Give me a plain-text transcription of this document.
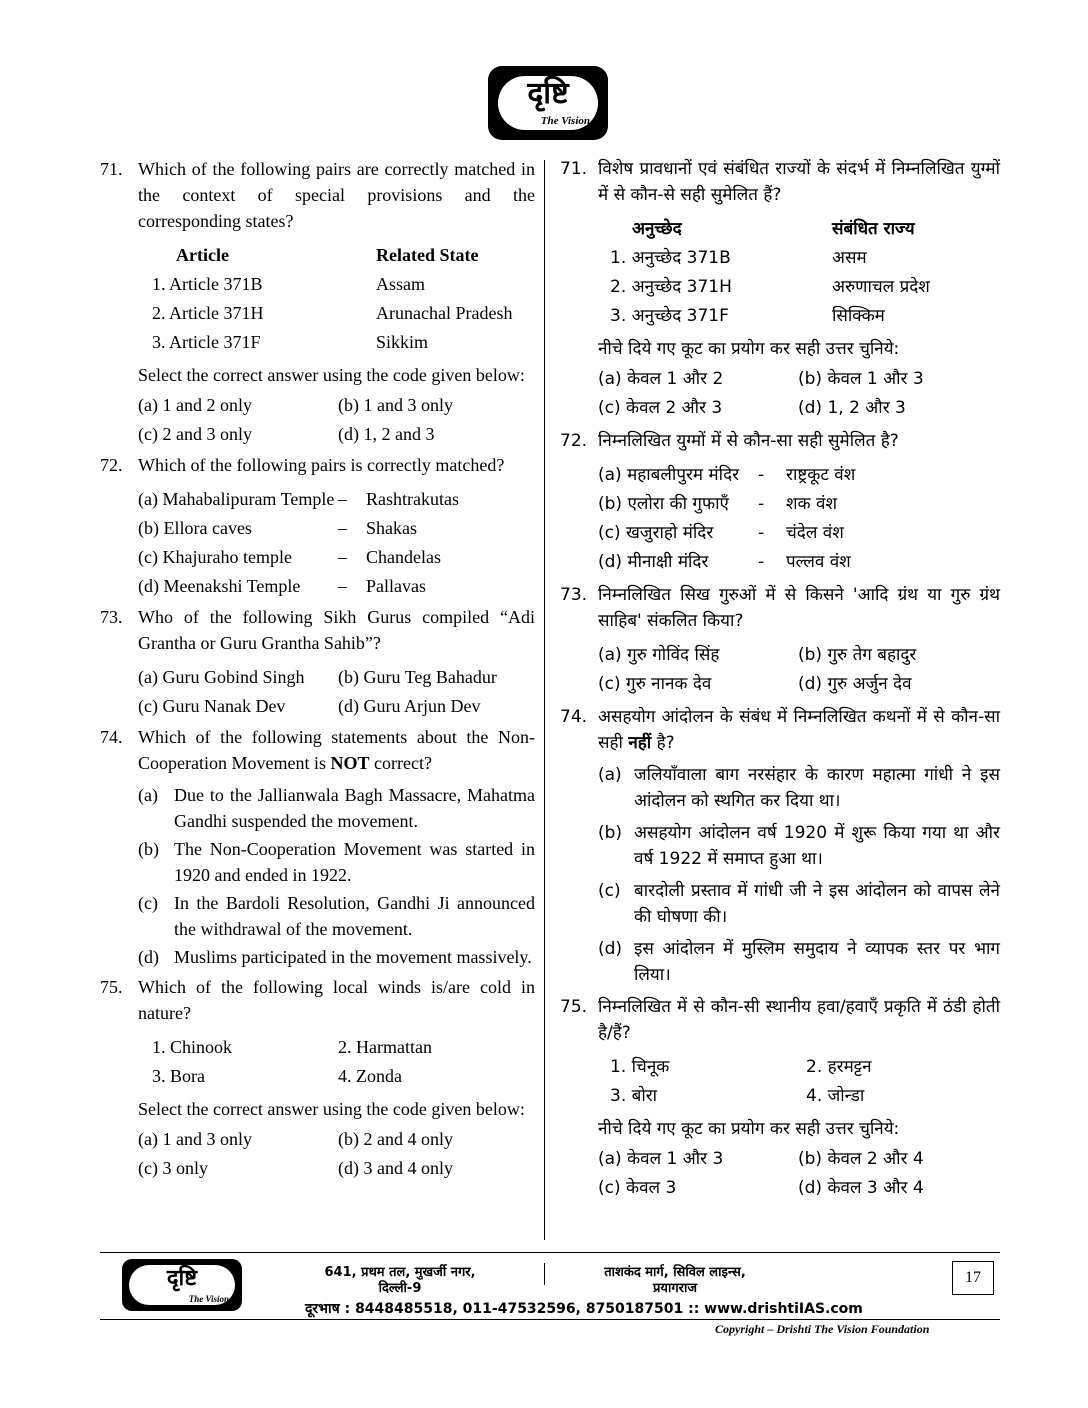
दृष्टि
The Vision
71. Which of the following pairs are correctly matched in the context of special provisions and the corresponding states?
Article	Related State
1. Article 371B	Assam
2. Article 371H	Arunachal Pradesh
3. Article 371F	Sikkim
Select the correct answer using the code given below:
(a) 1 and 2 only	(b) 1 and 3 only
(c) 2 and 3 only	(d) 1, 2 and 3
72. Which of the following pairs is correctly matched?
(a) Mahabalipuram Temple –	Rashtrakutas
(b) Ellora caves	–	Shakas
(c) Khajuraho temple	–	Chandelas
(d) Meenakshi Temple	–	Pallavas
73. Who of the following Sikh Gurus compiled “Adi Grantha or Guru Grantha Sahib”?
(a) Guru Gobind Singh	(b) Guru Teg Bahadur
(c) Guru Nanak Dev	(d) Guru Arjun Dev
74. Which of the following statements about the Non-Cooperation Movement is NOT correct?
(a) Due to the Jallianwala Bagh Massacre, Mahatma Gandhi suspended the movement.
(b) The Non-Cooperation Movement was started in 1920 and ended in 1922.
(c) In the Bardoli Resolution, Gandhi Ji announced the withdrawal of the movement.
(d) Muslims participated in the movement massively.
75. Which of the following local winds is/are cold in nature?
1. Chinook	2. Harmattan
3. Bora	4. Zonda
Select the correct answer using the code given below:
(a) 1 and 3 only	(b) 2 and 4 only
(c) 3 only	(d) 3 and 4 only
71. विशेष प्रावधानों एवं संबंधित राज्यों के संदर्भ में निम्नलिखित युग्मों में से कौन-से सही सुमेलित हैं?
अनुच्छेद	संबंधित राज्य
1. अनुच्छेद 371B	असम
2. अनुच्छेद 371H	अरुणाचल प्रदेश
3. अनुच्छेद 371F	सिक्किम
नीचे दिये गए कूट का प्रयोग कर सही उत्तर चुनिये:
(a) केवल 1 और 2	(b) केवल 1 और 3
(c) केवल 2 और 3	(d) 1, 2 और 3
72. निम्नलिखित युग्मों में से कौन-सा सही सुमेलित है?
(a) महाबलीपुरम मंदिर	-	राष्ट्रकूट वंश
(b) एलोरा की गुफाएँ	-	शक वंश
(c) खजुराहो मंदिर	-	चंदेल वंश
(d) मीनाक्षी मंदिर	-	पल्लव वंश
73. निम्नलिखित सिख गुरुओं में से किसने 'आदि ग्रंथ या गुरु ग्रंथ साहिब' संकलित किया?
(a) गुरु गोविंद सिंह	(b) गुरु तेग बहादुर
(c) गुरु नानक देव	(d) गुरु अर्जुन देव
74. असहयोग आंदोलन के संबंध में निम्नलिखित कथनों में से कौन-सा सही नहीं है?
(a) जलियाँवाला बाग नरसंहार के कारण महात्मा गांधी ने इस आंदोलन को स्थगित कर दिया था।
(b) असहयोग आंदोलन वर्ष 1920 में शुरू किया गया था और वर्ष 1922 में समाप्त हुआ था।
(c) बारदोली प्रस्ताव में गांधी जी ने इस आंदोलन को वापस लेने की घोषणा की।
(d) इस आंदोलन में मुस्लिम समुदाय ने व्यापक स्तर पर भाग लिया।
75. निम्नलिखित में से कौन-सी स्थानीय हवा/हवाएँ प्रकृति में ठंडी होती है/हैं?
1. चिनूक	2. हरमट्टन
3. बोरा	4. जोन्डा
नीचे दिये गए कूट का प्रयोग कर सही उत्तर चुनिये:
(a) केवल 1 और 3	(b) केवल 2 और 4
(c) केवल 3	(d) केवल 3 और 4
दृष्टि
The Vision
641, प्रथम तल, मुखर्जी नगर,
दिल्ली-9
ताशकंद मार्ग, सिविल लाइन्स,
प्रयागराज
दूरभाष : 8448485518, 011-47532596, 8750187501 :: www.drishtiIAS.com
17
Copyright – Drishti The Vision Foundation
